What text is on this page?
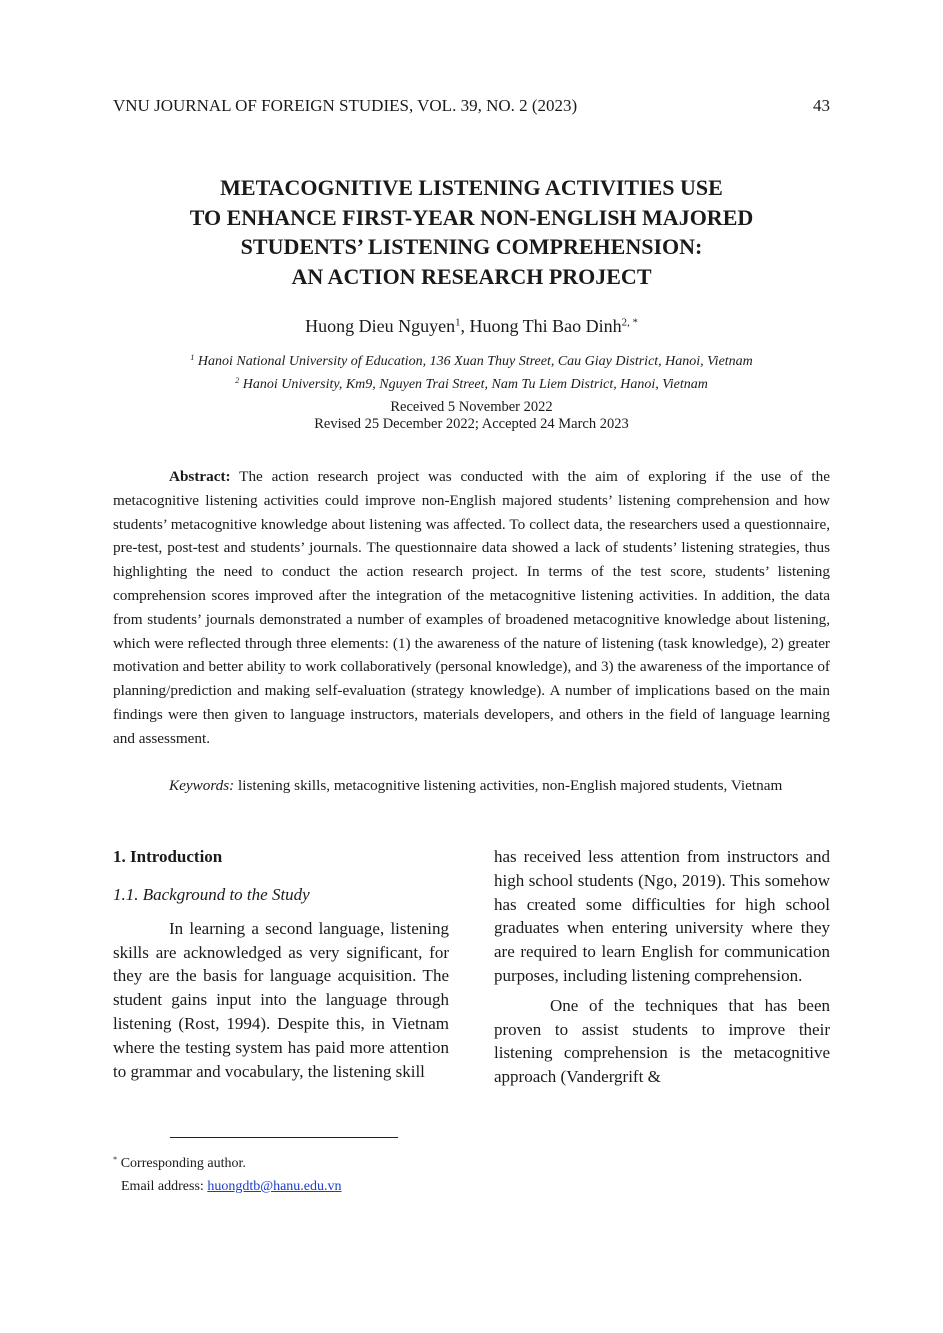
VNU JOURNAL OF FOREIGN STUDIES, VOL. 39, NO. 2 (2023)	43
METACOGNITIVE LISTENING ACTIVITIES USE
TO ENHANCE FIRST-YEAR NON-ENGLISH MAJORED
STUDENTS’ LISTENING COMPREHENSION:
AN ACTION RESEARCH PROJECT
Huong Dieu Nguyen$^1$, Huong Thi Bao Dinh$^{2, *}$
$^1$ Hanoi National University of Education, 136 Xuan Thuy Street, Cau Giay District, Hanoi, Vietnam
$^2$ Hanoi University, Km9, Nguyen Trai Street, Nam Tu Liem District, Hanoi, Vietnam
Received 5 November 2022
Revised 25 December 2022; Accepted 24 March 2023

Abstract: The action research project was conducted with the aim of exploring if the use of the metacognitive listening activities could improve non-English majored students’ listening comprehension and how students’ metacognitive knowledge about listening was affected. To collect data, the researchers used a questionnaire, pre-test, post-test and students’ journals. The questionnaire data showed a lack of students’ listening strategies, thus highlighting the need to conduct the action research project. In terms of the test score, students’ listening comprehension scores improved after the integration of the metacognitive listening activities. In addition, the data from students’ journals demonstrated a number of examples of broadened metacognitive knowledge about listening, which were reflected through three elements: (1) the awareness of the nature of listening (task knowledge), 2) greater motivation and better ability to work collaboratively (personal knowledge), and 3) the awareness of the importance of planning/prediction and making self-evaluation (strategy knowledge). A number of implications based on the main findings were then given to language instructors, materials developers, and others in the field of language learning and assessment.

Keywords: listening skills, metacognitive listening activities, non-English majored students, Vietnam
1. Introduction
1.1. Background to the Study

In learning a second language, listening skills are acknowledged as very significant, for they are the basis for language acquisition. The student gains input into the language through listening (Rost, 1994). Despite this, in Vietnam where the testing system has paid more attention to grammar and vocabulary, the listening skill

has received less attention from instructors and high school students (Ngo, 2019). This somehow has created some difficulties for high school graduates when entering university where they are required to learn English for communication purposes, including listening comprehension.

One of the techniques that has been proven to assist students to improve their listening comprehension is the metacognitive approach (Vandergrift &

* Corresponding author.
Email address: huongdtb@hanu.edu.vn
